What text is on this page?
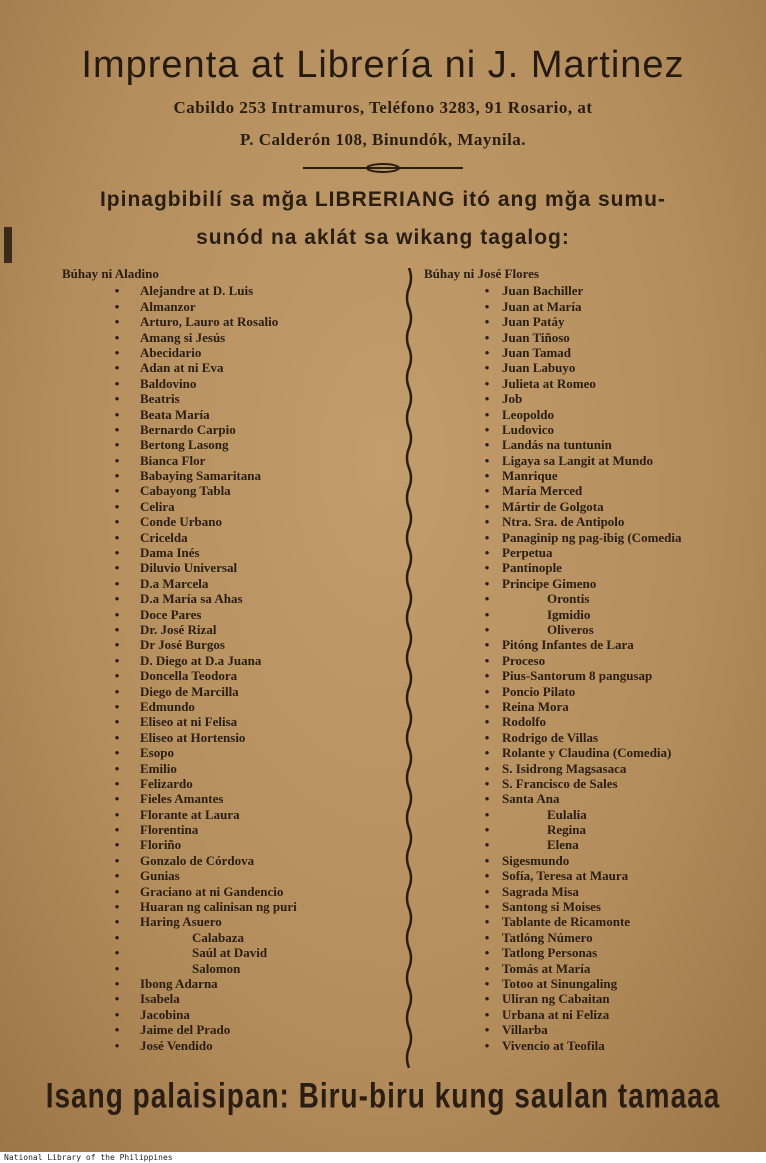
Imprenta at Librería ni J. Martinez
Cabildo 253 Intramuros, Teléfono 3283, 91 Rosario, at
P. Calderón 108, Binundók, Maynila.
Ipinagbibilí sa mğa LIBRERIANG itó ang mğa sumu-
sunód na aklát sa wikang tagalog:
Búhay ni Aladino
• Alejandre at D. Luis
• Almanzor
• Arturo, Lauro at Rosalio
• Amang si Jesús
• Abecidario
• Adan at ni Eva
• Baldovino
• Beatris
• Beata María
• Bernardo Carpio
• Bertong Lasong
• Bianca Flor
• Babaying Samaritana
• Cabayong Tabla
• Celira
• Conde Urbano
• Cricelda
• Dama Inés
• Diluvio Universal
• D.a Marcela
• D.a María sa Ahas
• Doce Pares
• Dr. José Rizal
• Dr José Burgos
• D. Diego at D.a Juana
• Doncella Teodora
• Diego de Marcilla
• Edmundo
• Eliseo at ni Felisa
• Eliseo at Hortensio
• Esopo
• Emilio
• Felizardo
• Fieles Amantes
• Florante at Laura
• Florentina
• Floriño
• Gonzalo de Córdova
• Gunias
• Graciano at ni Gandencio
• Huaran ng calinisan ng puri
• Haring Asuero
•	Calabaza
•	Saúl at David
•	Salomon
• Ibong Adarna
• Isabela
• Jacobina
• Jaime del Prado
• José Vendido
Búhay ni José Flores
• Juan Bachiller
• Juan at María
• Juan Patáy
• Juan Tiñoso
• Juan Tamad
• Juan Labuyo
• Julieta at Romeo
• Job
• Leopoldo
• Ludovico
• Landás na tuntunin
• Ligaya sa Langit at Mundo
• Manrique
• María Merced
• Mártir de Golgota
• Ntra. Sra. de Antipolo
• Panaginip ng pag-ibig (Comedia
• Perpetua
• Pantinople
• Principe Gimeno
•	Orontis
•	Igmidio
•	Oliveros
• Pitóng Infantes de Lara
• Proceso
• Pius-Santorum 8 pangusap
• Poncio Pilato
• Reina Mora
• Rodolfo
• Rodrigo de Villas
• Rolante y Claudina (Comedia)
• S. Isidrong Magsasaca
• S. Francisco de Sales
• Santa Ana
•	Eulalia
•	Regina
•	Elena
• Sigesmundo
• Sofía, Teresa at Maura
• Sagrada Misa
• Santong si Moises
• Tablante de Ricamonte
• Tatlóng Número
• Tatlong Personas
• Tomás at María
• Totoo at Sinungaling
• Uliran ng Cabaitan
• Urbana at ni Feliza
• Villarba
• Vivencio at Teofila
Isang palaisipan: Biru-biru kung saulan tamaaa
National Library of the Philippines
